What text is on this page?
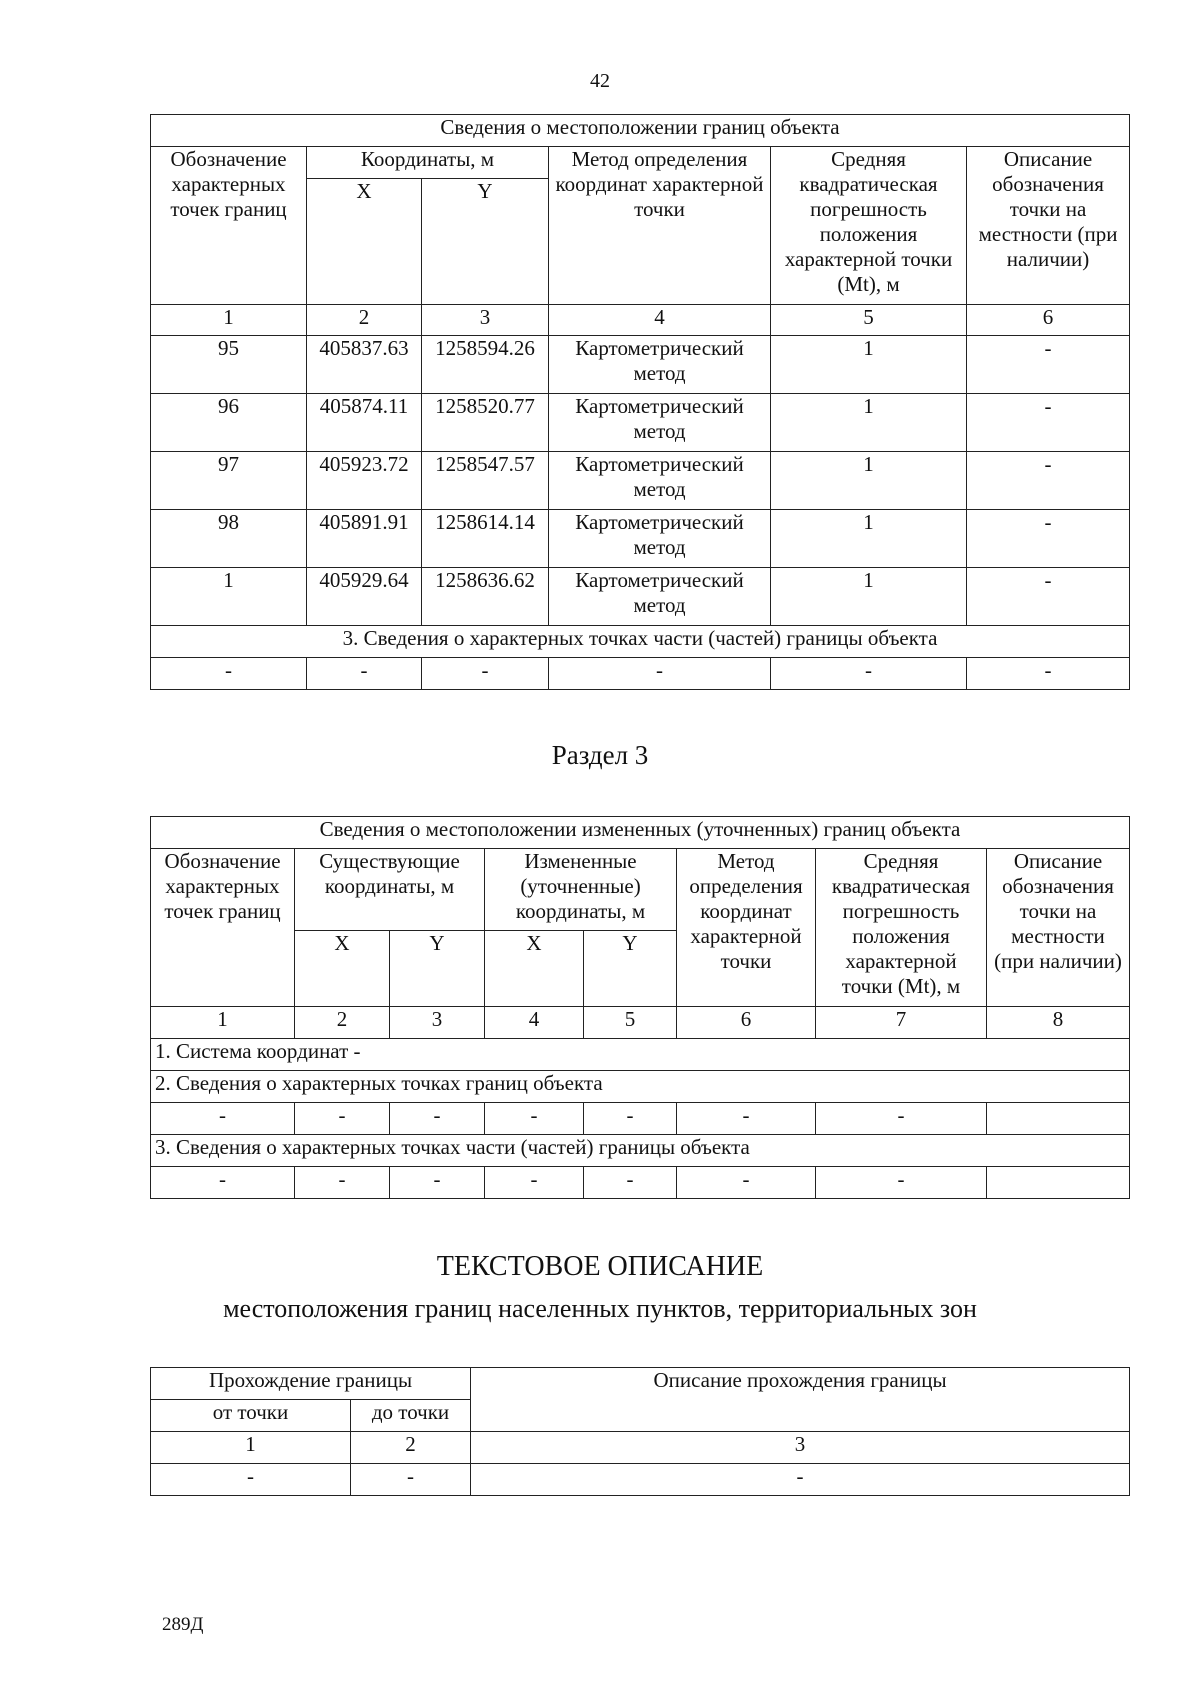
42
Сведения о местоположении границ объекта					
Обозначение характерных точек границ	Координаты, м		Метод определения координат характерной точки	Средняя квадратическая погрешность положения характерной точки (Mt), м	Описание обозначения точки на местности (при наличии)
	X	Y			
1	2	3	4	5	6
95	405837.63	1258594.26	Картометрический метод	1	-
96	405874.11	1258520.77	Картометрический метод	1	-
97	405923.72	1258547.57	Картометрический метод	1	-
98	405891.91	1258614.14	Картометрический метод	1	-
1	405929.64	1258636.62	Картометрический метод	1	-
3. Сведения о характерных точках части (частей) границы объекта					
-	-	-	-	-	-
Раздел 3
Сведения о местоположении измененных (уточненных) границ объекта							
Обозначение характерных точек границ	Существующие координаты, м		Измененные (уточненные) координаты, м		Метод определения координат характерной точки	Средняя квадратическая погрешность положения характерной точки (Mt), м	Описание обозначения точки на местности (при наличии)
	X	Y	X	Y			
1	2	3	4	5	6	7	8
1. Система координат -							
2. Сведения о характерных точках границ объекта							
-	-	-	-	-	-	-	
3. Сведения о характерных точках части (частей) границы объекта							
-	-	-	-	-	-	-	
ТЕКСТОВОЕ ОПИСАНИЕ
местоположения границ населенных пунктов, территориальных зон
Прохождение границы		Описание прохождения границы
от точки	до точки	
1	2	3
-	-	-
289Д
